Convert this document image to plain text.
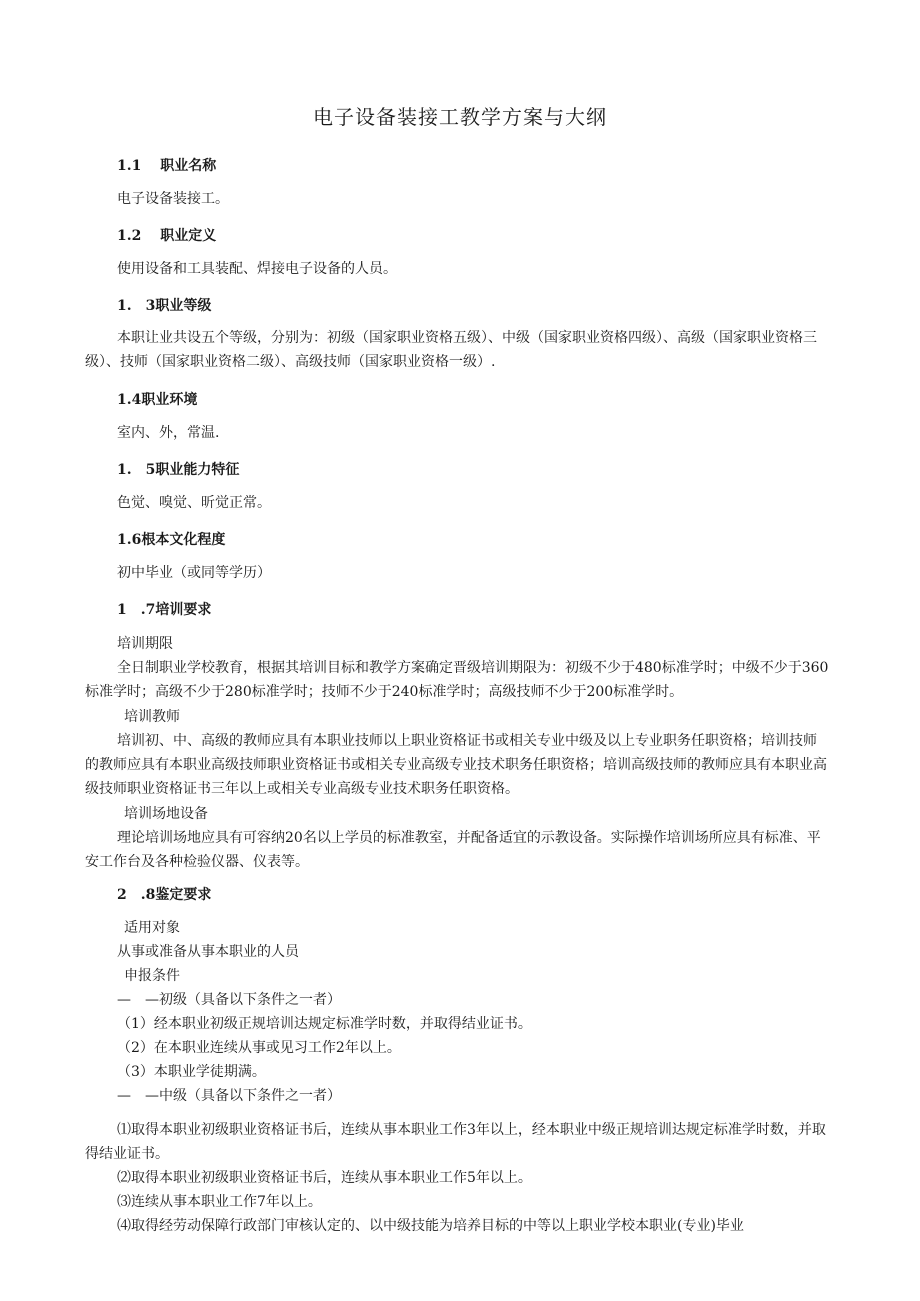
电子设备装接工教学方案与大纲
1.1　 职业名称
电子设备装接工。
1.2　 职业定义
使用设备和工具装配、焊接电子设备的人员。
1.　3职业等级
本职让业共设五个等级，分别为：初级（国家职业资格五级）、中级（国家职业资格四级）、高级（国家职业资格三级）、技师（国家职业资格二级）、高级技师（国家职业资格一级）.
1.4职业环境
室内、外，常温.
1.　5职业能力特征
色觉、嗅觉、昕觉正常。
1.6根本文化程度
初中毕业（或同等学历）
1　.7培训要求
培训期限
全日制职业学校教育，根据其培训目标和教学方案确定晋级培训期限为：初级不少于480标准学时；中级不少于360标准学时；高级不少于280标准学时；技师不少于240标准学时；高级技师不少于200标准学时。
培训教师
培训初、中、高级的教师应具有本职业技师以上职业资格证书或相关专业中级及以上专业职务任职资格；培训技师的教师应具有本职业高级技师职业资格证书或相关专业高级专业技术职务任职资格；培训高级技师的教师应具有本职业高级技师职业资格证书三年以上或相关专业高级专业技术职务任职资格。
培训场地设备
理论培训场地应具有可容纳20名以上学员的标准教室，并配备适宜的示教设备。实际操作培训场所应具有标准、平安工作台及各种检验仪器、仪表等。
2　.8鉴定要求
适用对象
从事或准备从事本职业的人员
申报条件
—　—初级（具备以下条件之一者）
（1）经本职业初级正规培训达规定标准学时数，并取得结业证书。
（2）在本职业连续从事或见习工作2年以上。
（3）本职业学徒期满。
—　—中级（具备以下条件之一者）
⑴取得本职业初级职业资格证书后，连续从事本职业工作3年以上，经本职业中级正规培训达规定标准学时数，并取得结业证书。
⑵取得本职业初级职业资格证书后，连续从事本职业工作5年以上。
⑶连续从事本职业工作7年以上。
⑷取得经劳动保障行政部门审核认定的、以中级技能为培养目标的中等以上职业学校本职业(专业)毕业
